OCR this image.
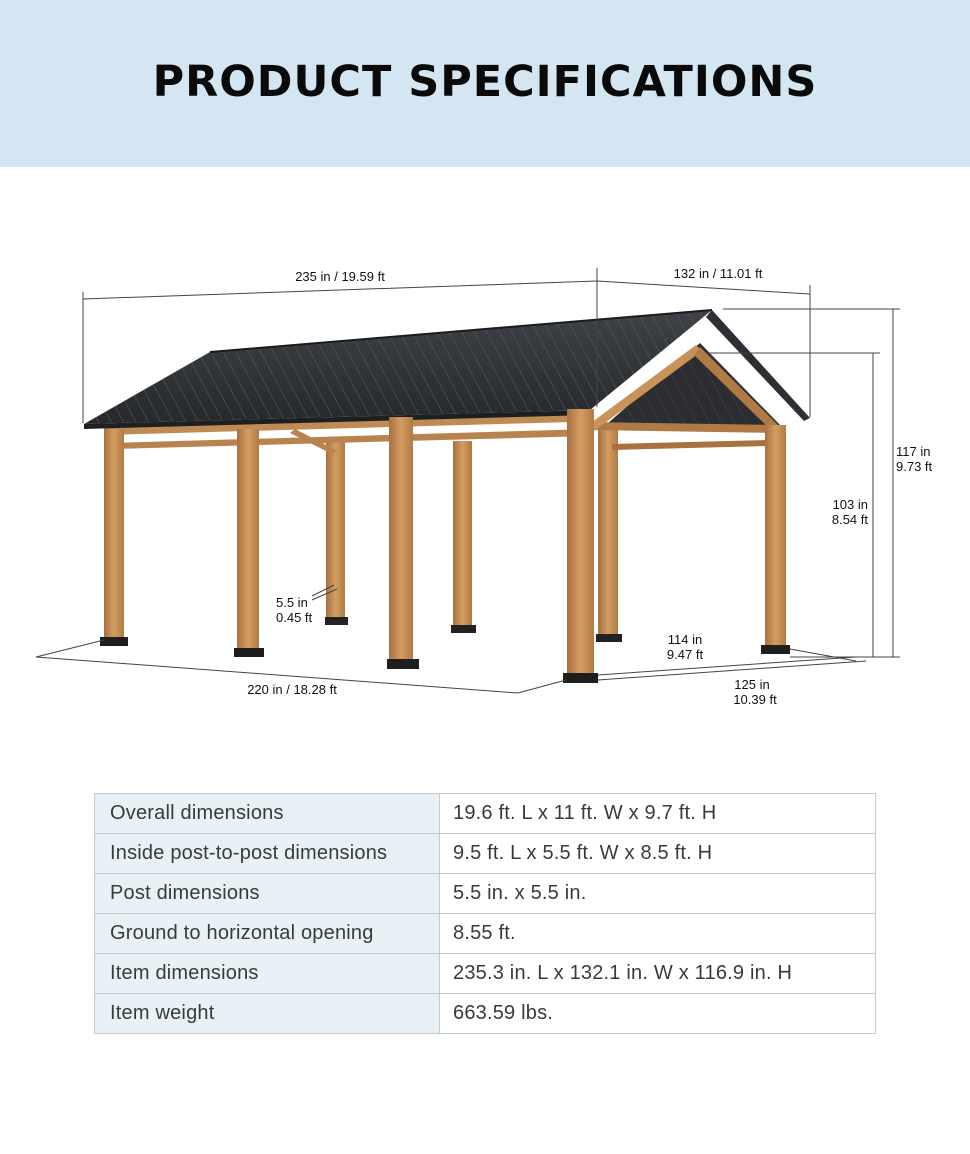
PRODUCT SPECIFICATIONS
235 in / 19.59 ft	132 in / 11.01 ft
117 in
9.73 ft
103 in
8.54 ft
5.5 in
0.45 ft
220 in / 18.28 ft
114 in
9.47 ft
125 in
10.39 ft
Overall dimensions	19.6 ft. L x 11 ft. W x 9.7 ft. H
Inside post-to-post dimensions	9.5 ft. L x 5.5 ft. W x 8.5 ft. H
Post dimensions	5.5 in. x 5.5 in.
Ground to horizontal opening	8.55 ft.
Item dimensions	235.3 in. L x 132.1 in. W x 116.9 in. H
Item weight	663.59 lbs.
